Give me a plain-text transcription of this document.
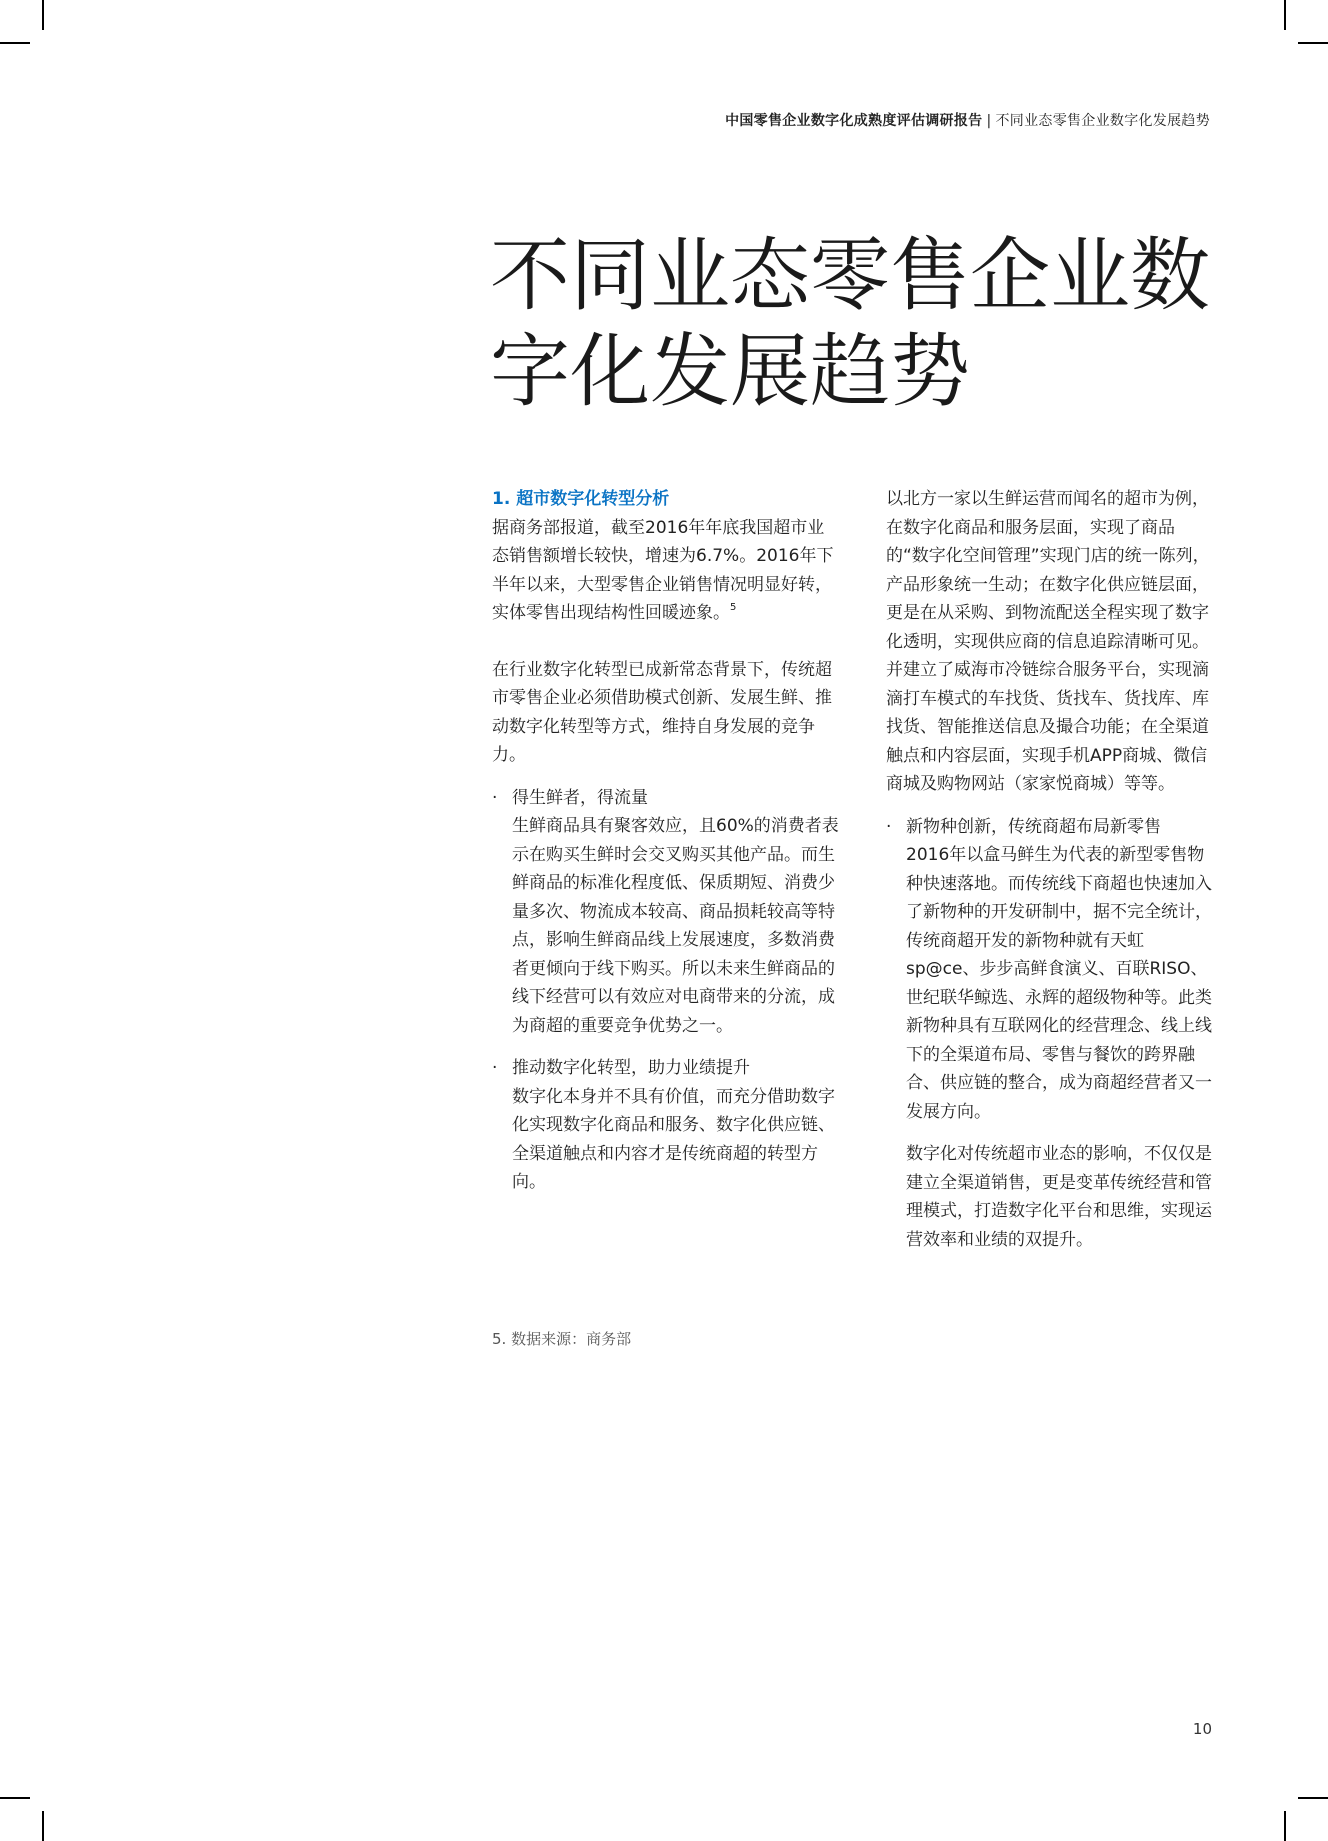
中国零售企业数字化成熟度评估调研报告 | 不同业态零售企业数字化发展趋势
不同业态零售企业数
字化发展趋势

1. 超市数字化转型分析

据商务部报道，截至2016年年底我国超市业态销售额增长较快，增速为6.7%。2016年下半年以来，大型零售企业销售情况明显好转，实体零售出现结构性回暖迹象。$^5$

在行业数字化转型已成新常态背景下，传统超市零售企业必须借助模式创新、发展生鲜、推动数字化转型等方式，维持自身发展的竞争力。

· 得生鲜者，得流量

生鲜商品具有聚客效应，且60%的消费者表示在购买生鲜时会交叉购买其他产品。而生鲜商品的标准化程度低、保质期短、消费少量多次、物流成本较高、商品损耗较高等特点，影响生鲜商品线上发展速度，多数消费者更倾向于线下购买。所以未来生鲜商品的线下经营可以有效应对电商带来的分流，成为商超的重要竞争优势之一。

· 推动数字化转型，助力业绩提升

数字化本身并不具有价值，而充分借助数字化实现数字化商品和服务、数字化供应链、全渠道触点和内容才是传统商超的转型方向。

以北方一家以生鲜运营而闻名的超市为例，在数字化商品和服务层面，实现了商品的“数字化空间管理”实现门店的统一陈列，产品形象统一生动；在数字化供应链层面，更是在从采购、到物流配送全程实现了数字化透明，实现供应商的信息追踪清晰可见。并建立了威海市冷链综合服务平台，实现滴滴打车模式的车找货、货找车、货找库、库找货、智能推送信息及撮合功能；在全渠道触点和内容层面，实现手机APP商城、微信商城及购物网站（家家悦商城）等等。

· 新物种创新，传统商超布局新零售

2016年以盒马鲜生为代表的新型零售物种快速落地。而传统线下商超也快速加入了新物种的开发研制中，据不完全统计，传统商超开发的新物种就有天虹sp@ce、步步高鲜食演义、百联RISO、世纪联华鲸选、永辉的超级物种等。此类新物种具有互联网化的经营理念、线上线下的全渠道布局、零售与餐饮的跨界融合、供应链的整合，成为商超经营者又一发展方向。

数字化对传统超市业态的影响，不仅仅是建立全渠道销售，更是变革传统经营和管理模式，打造数字化平台和思维，实现运营效率和业绩的双提升。

5. 数据来源：商务部
10
